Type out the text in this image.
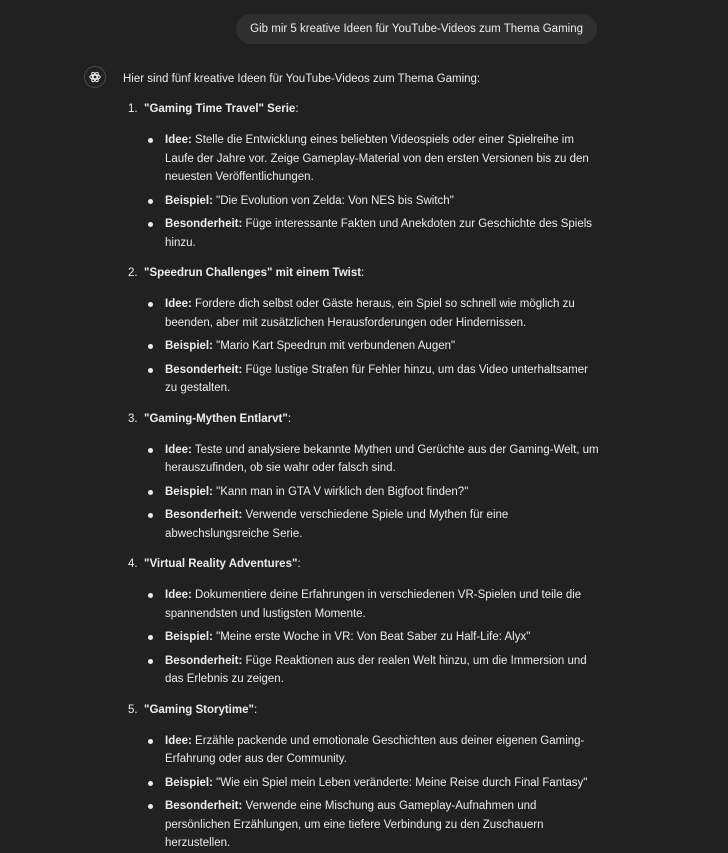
Gib mir 5 kreative Ideen für YouTube-Videos zum Thema Gaming

Hier sind fünf kreative Ideen für YouTube-Videos zum Thema Gaming:

1. "Gaming Time Travel" Serie:
Idee: Stelle die Entwicklung eines beliebten Videospiels oder einer Spielreihe im Laufe der Jahre vor. Zeige Gameplay-Material von den ersten Versionen bis zu den neuesten Veröffentlichungen.
Beispiel: "Die Evolution von Zelda: Von NES bis Switch"
Besonderheit: Füge interessante Fakten und Anekdoten zur Geschichte des Spiels hinzu.
2. "Speedrun Challenges" mit einem Twist:
Idee: Fordere dich selbst oder Gäste heraus, ein Spiel so schnell wie möglich zu beenden, aber mit zusätzlichen Herausforderungen oder Hindernissen.
Beispiel: "Mario Kart Speedrun mit verbundenen Augen"
Besonderheit: Füge lustige Strafen für Fehler hinzu, um das Video unterhaltsamer zu gestalten.
3. "Gaming-Mythen Entlarvt":
Idee: Teste und analysiere bekannte Mythen und Gerüchte aus der Gaming-Welt, um herauszufinden, ob sie wahr oder falsch sind.
Beispiel: "Kann man in GTA V wirklich den Bigfoot finden?"
Besonderheit: Verwende verschiedene Spiele und Mythen für eine abwechslungsreiche Serie.
4. "Virtual Reality Adventures":
Idee: Dokumentiere deine Erfahrungen in verschiedenen VR-Spielen und teile die spannendsten und lustigsten Momente.
Beispiel: "Meine erste Woche in VR: Von Beat Saber zu Half-Life: Alyx"
Besonderheit: Füge Reaktionen aus der realen Welt hinzu, um die Immersion und das Erlebnis zu zeigen.
5. "Gaming Storytime":
Idee: Erzähle packende und emotionale Geschichten aus deiner eigenen Gaming-Erfahrung oder aus der Community.
Beispiel: "Wie ein Spiel mein Leben veränderte: Meine Reise durch Final Fantasy"
Besonderheit: Verwende eine Mischung aus Gameplay-Aufnahmen und persönlichen Erzählungen, um eine tiefere Verbindung zu den Zuschauern herzustellen.
